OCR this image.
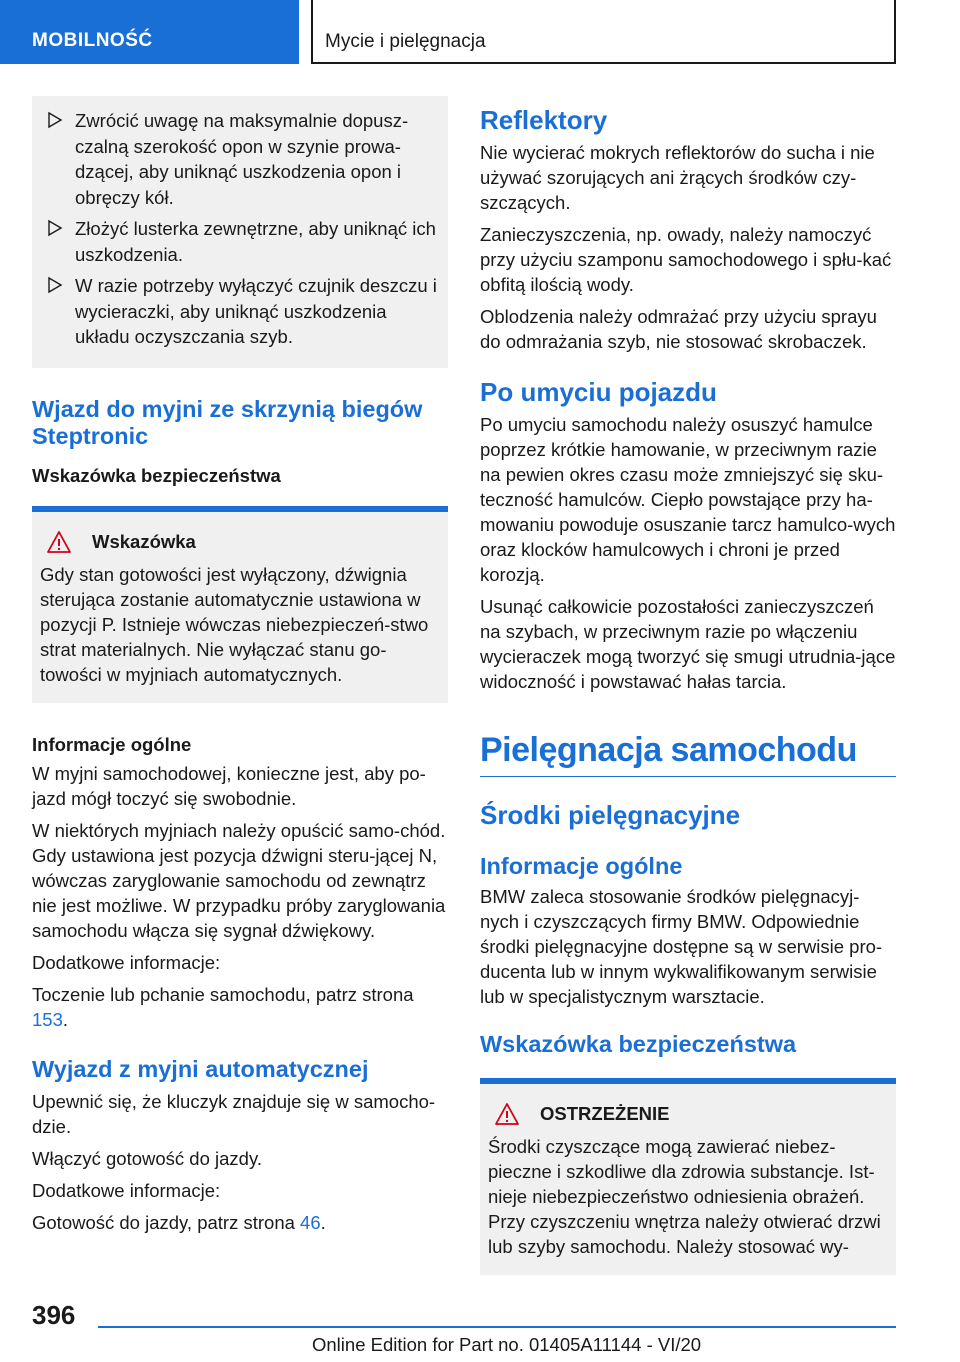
MOBILNOŚĆ	Mycie i pielęgnacja
Zwrócić uwagę na maksymalnie dopusz‐czalną szerokość opon w szynie prowa‐dzącej, aby uniknąć uszkodzenia opon i obręczy kół.
Złożyć lusterka zewnętrzne, aby uniknąć ich uszkodzenia.
W razie potrzeby wyłączyć czujnik deszczu i wycieraczki, aby uniknąć uszkodzenia układu oczyszczania szyb.
Wjazd do myjni ze skrzynią biegów Steptronic
Wskazówka bezpieczeństwa
Wskazówka

Gdy stan gotowości jest wyłączony, dźwignia sterująca zostanie automatycznie ustawiona w pozycji P. Istnieje wówczas niebezpieczeń‐stwo strat materialnych. Nie wyłączać stanu go‐towości w myjniach automatycznych.

Informacje ogólne

W myjni samochodowej, konieczne jest, aby po‐jazd mógł toczyć się swobodnie.

W niektórych myjniach należy opuścić samo‐chód. Gdy ustawiona jest pozycja dźwigni steru‐jącej N, wówczas zaryglowanie samochodu od zewnątrz nie jest możliwe. W przypadku próby zaryglowania samochodu włącza się sygnał dźwiękowy.

Dodatkowe informacje:

Toczenie lub pchanie samochodu, patrz strona 153.

Wyjazd z myjni automatycznej

Upewnić się, że kluczyk znajduje się w samocho‐dzie.

Włączyć gotowość do jazdy.

Dodatkowe informacje:

Gotowość do jazdy, patrz strona 46.

Reflektory

Nie wycierać mokrych reflektorów do sucha i nie używać szorujących ani żrących środków czy‐szczących.

Zanieczyszczenia, np. owady, należy namoczyć przy użyciu szamponu samochodowego i spłu‐kać obfitą ilością wody.

Oblodzenia należy odmrażać przy użyciu sprayu do odmrażania szyb, nie stosować skrobaczek.

Po umyciu pojazdu

Po umyciu samochodu należy osuszyć hamulce poprzez krótkie hamowanie, w przeciwnym razie na pewien okres czasu może zmniejszyć się sku‐teczność hamulców. Ciepło powstające przy ha‐mowaniu powoduje osuszanie tarcz hamulco‐wych oraz klocków hamulcowych i chroni je przed korozją.

Usunąć całkowicie pozostałości zanieczyszczeń na szybach, w przeciwnym razie po włączeniu wycieraczek mogą tworzyć się smugi utrudnia‐jące widoczność i powstawać hałas tarcia.

Pielęgnacja samochodu
Środki pielęgnacyjne
Informacje ogólne

BMW zaleca stosowanie środków pielęgnacyj‐nych i czyszczących firmy BMW. Odpowiednie środki pielęgnacyjne dostępne są w serwisie pro‐ducenta lub w innym wykwalifikowanym serwisie lub w specjalistycznym warsztacie.

Wskazówka bezpieczeństwa
OSTRZEŻENIE

Środki czyszczące mogą zawierać niebez‐pieczne i szkodliwe dla zdrowia substancje. Ist‐nieje niebezpieczeństwo odniesienia obrażeń. Przy czyszczeniu wnętrza należy otwierać drzwi lub szyby samochodu. Należy stosować wy‐

396
Online Edition for Part no. 01405A11144 - VI/20
